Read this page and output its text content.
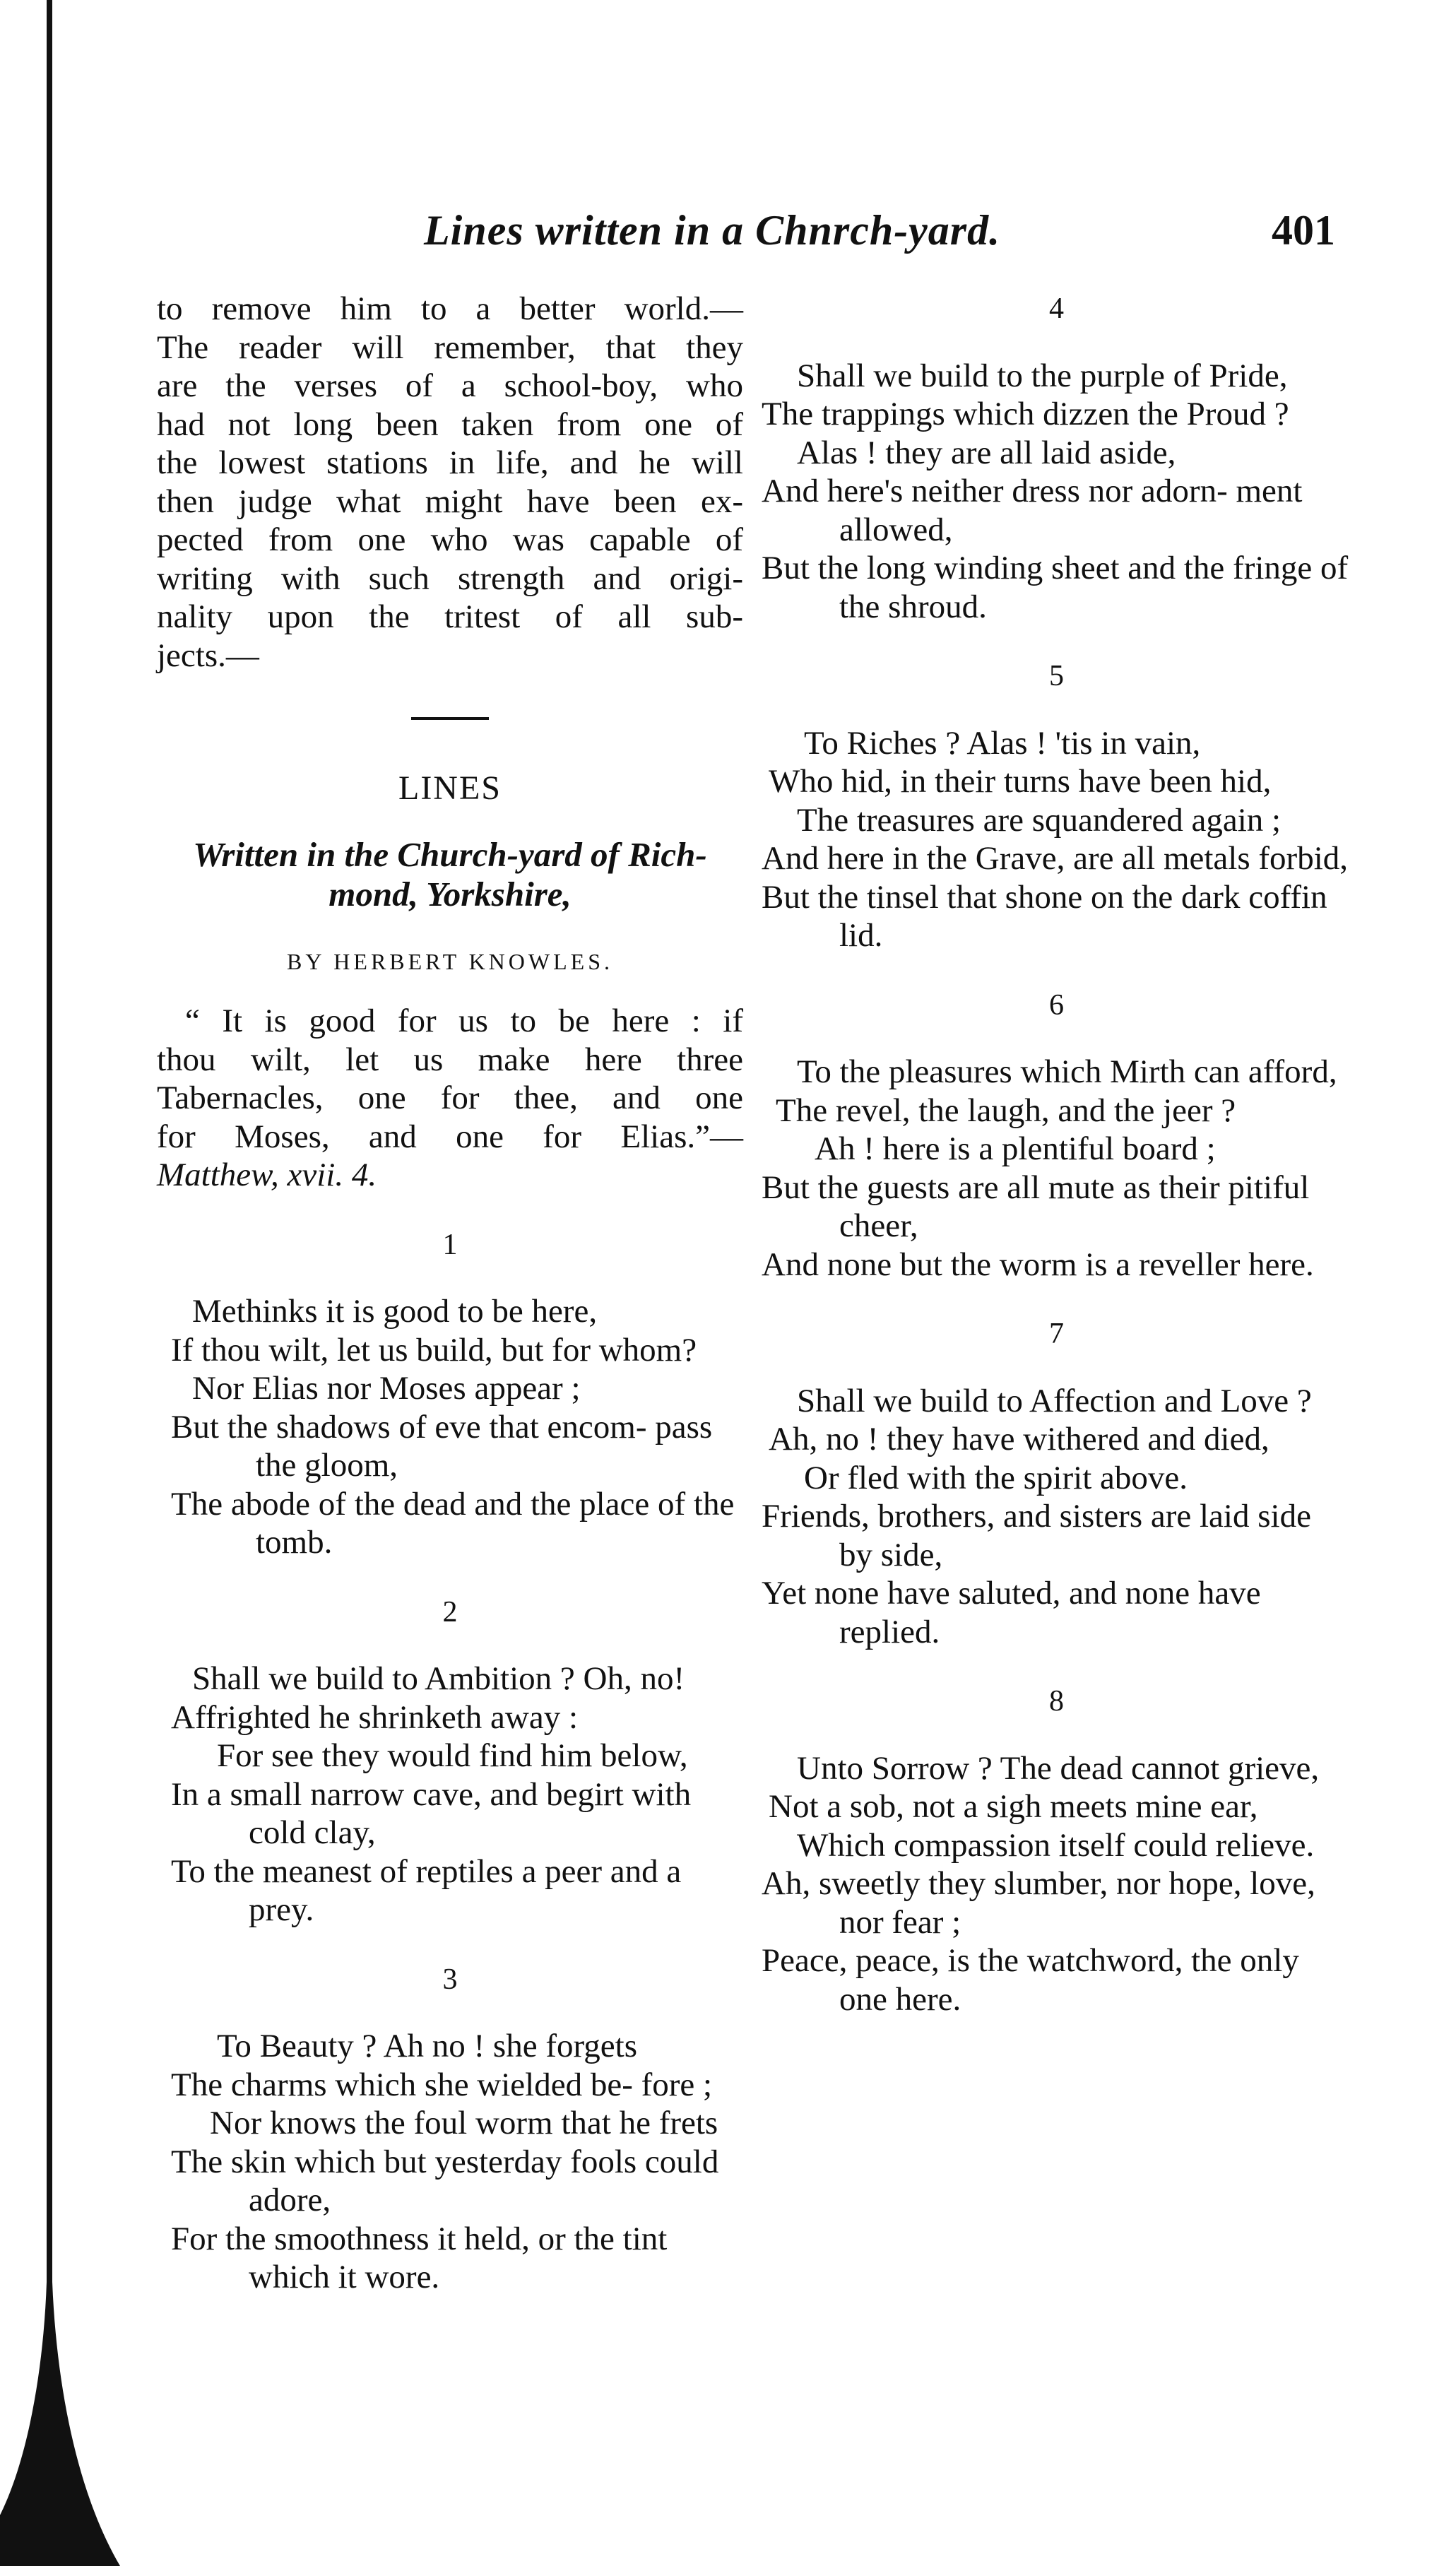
Lines written in a Chnrch-yard.	401
to remove him to a better world.—
The reader will remember, that they
are the verses of a school-boy, who
had not long been taken from one of
the lowest stations in life, and he will
then judge what might have been ex-
pected from one who was capable of
writing with such strength and origi-
nality upon the tritest of all sub-
jects.—
LINES
Written in the Church-yard of Rich-
mond, Yorkshire,
BY HERBERT KNOWLES.
“ It is good for us to be here : if
thou wilt, let us make here three
Tabernacles, one for thee, and one
for Moses, and one for Elias.”—
Matthew, xvii. 4.
1
Methinks it is good to be here,
If thou wilt, let us build, but for whom?
Nor Elias nor Moses appear ;
But the shadows of eve that encom- pass the gloom,
The abode of the dead and the place of the tomb.
2
Shall we build to Ambition ? Oh, no!
Affrighted he shrinketh away :
For see they would find him below,
In a small narrow cave, and begirt with cold clay,
To the meanest of reptiles a peer and a prey.
3
To Beauty ? Ah no ! she forgets
The charms which she wielded be- fore ;
Nor knows the foul worm that he frets
The skin which but yesterday fools could adore,
For the smoothness it held, or the tint which it wore.
4
Shall we build to the purple of Pride,
The trappings which dizzen the Proud ?
Alas ! they are all laid aside,
And here's neither dress nor adorn- ment allowed,
But the long winding sheet and the fringe of the shroud.
5
To Riches ? Alas ! 'tis in vain,
Who hid, in their turns have been hid,
The treasures are squandered again ;
And here in the Grave, are all metals forbid,
But the tinsel that shone on the dark coffin lid.
6
To the pleasures which Mirth can afford,
The revel, the laugh, and the jeer ?
Ah ! here is a plentiful board ;
But the guests are all mute as their pitiful cheer,
And none but the worm is a reveller here.
7
Shall we build to Affection and Love ?
Ah, no ! they have withered and died,
Or fled with the spirit above.
Friends, brothers, and sisters are laid side by side,
Yet none have saluted, and none have replied.
8
Unto Sorrow ? The dead cannot grieve,
Not a sob, not a sigh meets mine ear,
Which compassion itself could relieve.
Ah, sweetly they slumber, nor hope, love, nor fear ;
Peace, peace, is the watchword, the only one here.
